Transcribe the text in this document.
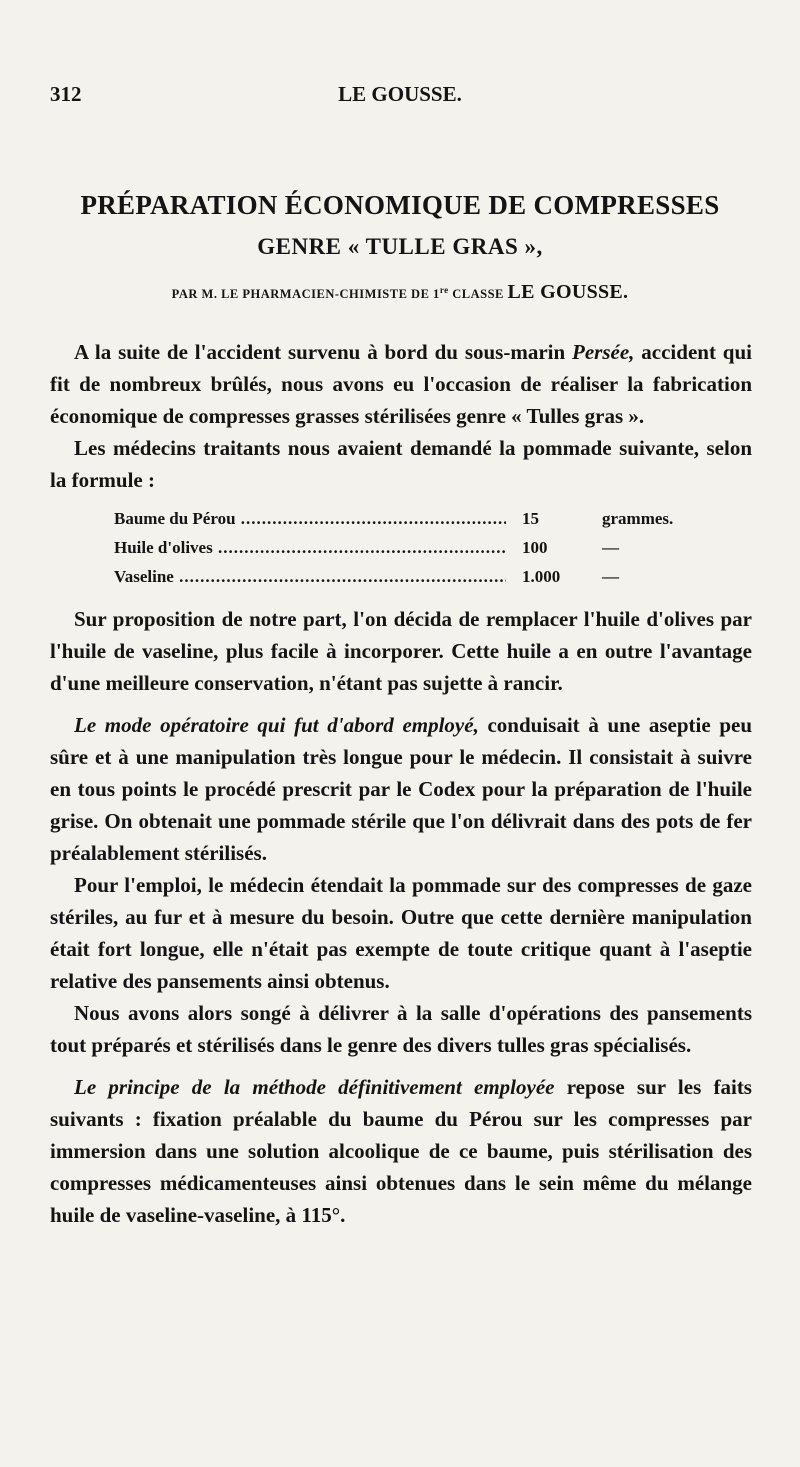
312	LE GOUSSE.
PRÉPARATION ÉCONOMIQUE DE COMPRESSES
GENRE « TULLE GRAS »,
PAR M. LE PHARMACIEN-CHIMISTE DE 1re CLASSE LE GOUSSE.

A la suite de l'accident survenu à bord du sous-marin Persée, accident qui fit de nombreux brûlés, nous avons eu l'occasion de réaliser la fabrication économique de compresses grasses stérilisées genre « Tulles gras ».

Les médecins traitants nous avaient demandé la pommade suivante, selon la formule :

Baume du Pérou .....	15	grammes.
Huile d'olives .....	100	—
Vaseline .....	1.000	—

Sur proposition de notre part, l'on décida de remplacer l'huile d'olives par l'huile de vaseline, plus facile à incorporer. Cette huile a en outre l'avantage d'une meilleure conservation, n'étant pas sujette à rancir.

Le mode opératoire qui fut d'abord employé, conduisait à une aseptie peu sûre et à une manipulation très longue pour le médecin. Il consistait à suivre en tous points le procédé prescrit par le Codex pour la préparation de l'huile grise. On obtenait une pommade stérile que l'on délivrait dans des pots de fer préalablement stérilisés.

Pour l'emploi, le médecin étendait la pommade sur des compresses de gaze stériles, au fur et à mesure du besoin. Outre que cette dernière manipulation était fort longue, elle n'était pas exempte de toute critique quant à l'aseptie relative des pansements ainsi obtenus.

Nous avons alors songé à délivrer à la salle d'opérations des pansements tout préparés et stérilisés dans le genre des divers tulles gras spécialisés.

Le principe de la méthode définitivement employée repose sur les faits suivants : fixation préalable du baume du Pérou sur les compresses par immersion dans une solution alcoolique de ce baume, puis stérilisation des compresses médicamenteuses ainsi obtenues dans le sein même du mélange huile de vaseline-vaseline, à 115°.
